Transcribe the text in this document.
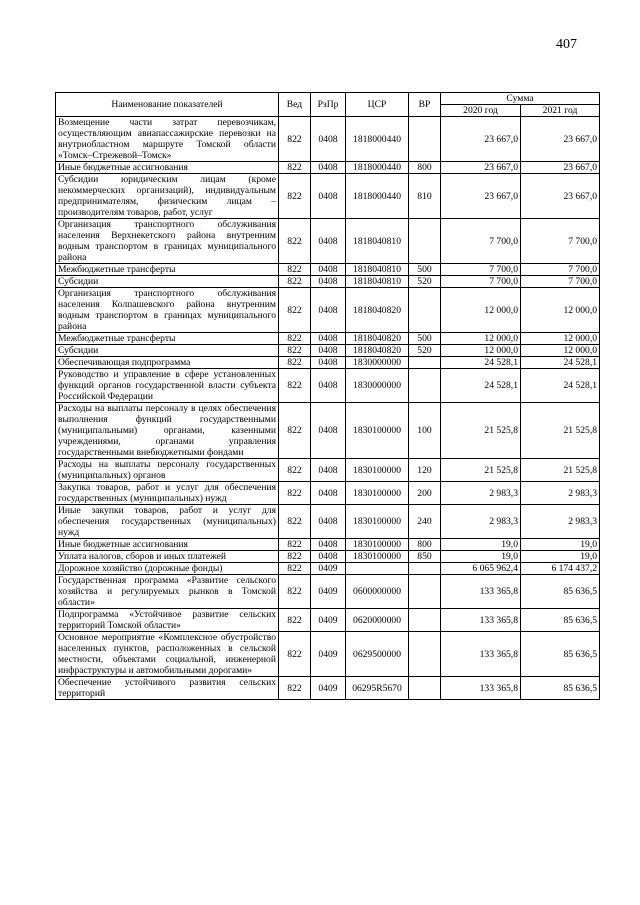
407
Наименование показателей	Вед	РзПр	ЦСР	ВР	Сумма	
					2020 год	2021 год
Возмещение части затрат перевозчикам, осуществляющим авиапассажирские перевозки на внутриобластном маршруте Томской области «Томск–Стрежевой–Томск»	822	0408	1818000440		23 667,0	23 667,0
Иные бюджетные ассигнования	822	0408	1818000440	800	23 667,0	23 667,0
Субсидии юридическим лицам (кроме некоммерческих организаций), индивидуальным предпринимателям, физическим лицам – производителям товаров, работ, услуг	822	0408	1818000440	810	23 667,0	23 667,0
Организация транспортного обслуживания населения Верхнекетского района внутренним водным транспортом в границах муниципального района	822	0408	1818040810		7 700,0	7 700,0
Межбюджетные трансферты	822	0408	1818040810	500	7 700,0	7 700,0
Субсидии	822	0408	1818040810	520	7 700,0	7 700,0
Организация транспортного обслуживания населения Колпашевского района внутренним водным транспортом в границах муниципального района	822	0408	1818040820		12 000,0	12 000,0
Межбюджетные трансферты	822	0408	1818040820	500	12 000,0	12 000,0
Субсидии	822	0408	1818040820	520	12 000,0	12 000,0
Обеспечивающая подпрограмма	822	0408	1830000000		24 528,1	24 528,1
Руководство и управление в сфере установленных функций органов государственной власти субъекта Российской Федерации	822	0408	1830000000		24 528,1	24 528,1
Расходы на выплаты персоналу в целях обеспечения выполнения функций государственными (муниципальными) органами, казенными учреждениями, органами управления государственными внебюджетными фондами	822	0408	1830100000	100	21 525,8	21 525,8
Расходы на выплаты персоналу государственных (муниципальных) органов	822	0408	1830100000	120	21 525,8	21 525,8
Закупка товаров, работ и услуг для обеспечения государственных (муниципальных) нужд	822	0408	1830100000	200	2 983,3	2 983,3
Иные закупки товаров, работ и услуг для обеспечения государственных (муниципальных) нужд	822	0408	1830100000	240	2 983,3	2 983,3
Иные бюджетные ассигнования	822	0408	1830100000	800	19,0	19,0
Уплата налогов, сборов и иных платежей	822	0408	1830100000	850	19,0	19,0
Дорожное хозяйство (дорожные фонды)	822	0409			6 065 962,4	6 174 437,2
Государственная программа «Развитие сельского хозяйства и регулируемых рынков в Томской области»	822	0409	0600000000		133 365,8	85 636,5
Подпрограмма «Устойчивое развитие сельских территорий Томской области»	822	0409	0620000000		133 365,8	85 636,5
Основное мероприятие «Комплексное обустройство населенных пунктов, расположенных в сельской местности, объектами социальной, инженерной инфраструктуры и автомобильными дорогами»	822	0409	0629500000		133 365,8	85 636,5
Обеспечение устойчивого развития сельских территорий	822	0409	06295R5670		133 365,8	85 636,5
